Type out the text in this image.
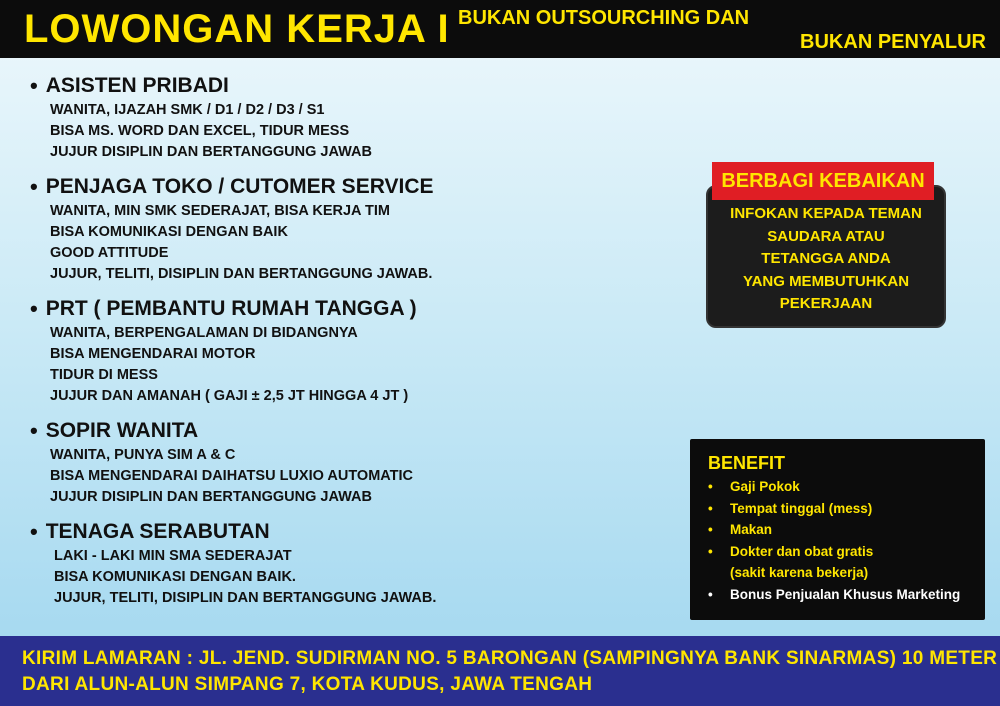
LOWONGAN KERJA I BUKAN OUTSOURCHING DAN
BUKAN PENYALUR
• ASISTEN PRIBADI
WANITA, IJAZAH SMK / D1 / D2 / D3 / S1
BISA MS. WORD DAN EXCEL, TIDUR MESS
JUJUR DISIPLIN DAN BERTANGGUNG JAWAB
• PENJAGA TOKO / CUTOMER SERVICE
WANITA, MIN SMK SEDERAJAT, BISA KERJA TIM
BISA KOMUNIKASI DENGAN BAIK
GOOD ATTITUDE
JUJUR, TELITI, DISIPLIN DAN BERTANGGUNG JAWAB.
• PRT ( PEMBANTU RUMAH TANGGA )
WANITA, BERPENGALAMAN DI BIDANGNYA
BISA MENGENDARAI MOTOR
TIDUR DI MESS
JUJUR DAN AMANAH ( GAJI ± 2,5 JT HINGGA 4 JT )
• SOPIR WANITA
WANITA, PUNYA SIM A & C
BISA MENGENDARAI DAIHATSU LUXIO AUTOMATIC
JUJUR DISIPLIN DAN BERTANGGUNG JAWAB
• TENAGA SERABUTAN
LAKI - LAKI MIN SMA SEDERAJAT
BISA KOMUNIKASI DENGAN BAIK.
JUJUR, TELITI, DISIPLIN DAN BERTANGGUNG JAWAB.
BERBAGI KEBAIKAN
INFOKAN KEPADA TEMAN
SAUDARA ATAU
TETANGGA ANDA
YANG MEMBUTUHKAN
PEKERJAAN
BENEFIT
• Gaji Pokok
• Tempat tinggal (mess)
• Makan
• Dokter dan obat gratis
(sakit karena bekerja)
• Bonus Penjualan Khusus Marketing
KIRIM LAMARAN : JL. JEND. SUDIRMAN NO. 5 BARONGAN (SAMPINGNYA BANK SINARMAS) 10 METER
DARI ALUN-ALUN SIMPANG 7, KOTA KUDUS, JAWA TENGAH
